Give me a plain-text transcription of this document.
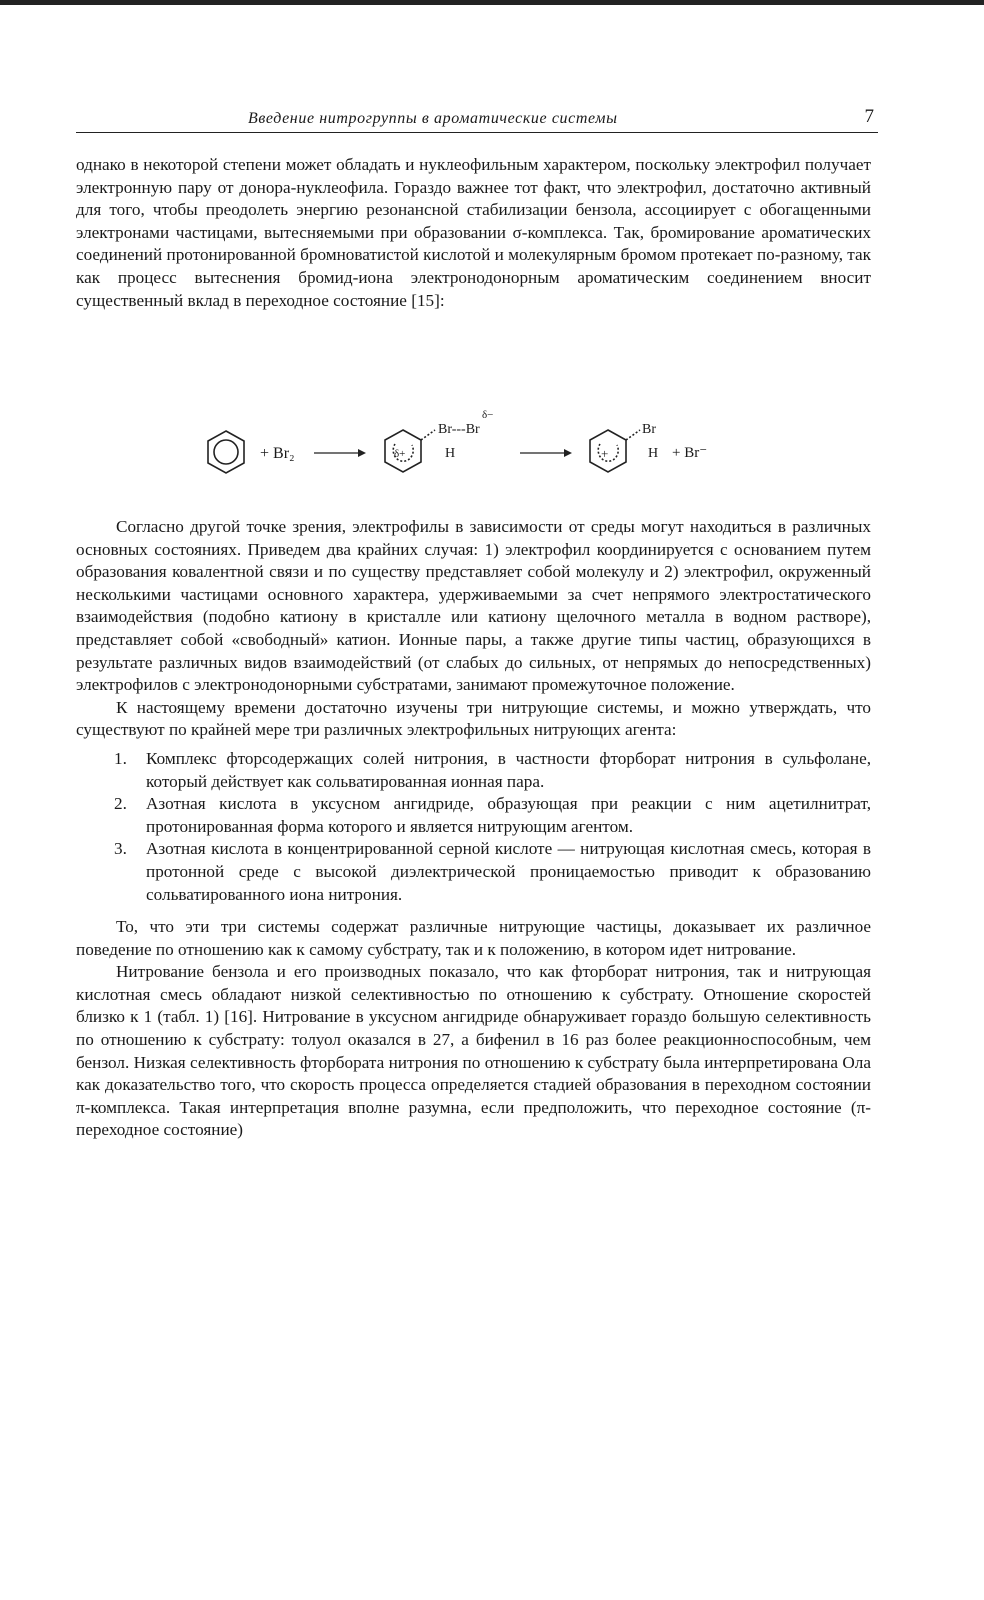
Введение нитрогруппы в ароматические системы	7

однако в некоторой степени может обладать и нуклеофильным характером, поскольку электрофил получает электронную пару от донора-нуклеофила. Гораздо важнее тот факт, что электрофил, достаточно активный для того, чтобы преодолеть энергию резонансной стабилизации бензола, ассоциирует с обогащенными электронами частицами, вытесняемыми при образовании σ-комплекса. Так, бромирование ароматических соединений протонированной бромноватистой кислотой и молекулярным бромом протекает по-разному, так как процесс вытеснения бромид-иона электронодонорным ароматическим соединением вносит существенный вклад в переходное состояние [15]:

+ Br₂	δ+
δ−
Br---Br
H	+
Br
H + Br⁻

Согласно другой точке зрения, электрофилы в зависимости от среды могут находиться в различных основных состояниях. Приведем два крайних случая: 1) электрофил координируется с основанием путем образования ковалентной связи и по существу представляет собой молекулу и 2) электрофил, окруженный несколькими частицами основного характера, удерживаемыми за счет непрямого электростатического взаимодействия (подобно катиону в кристалле или катиону щелочного металла в водном растворе), представляет собой «свободный» катион. Ионные пары, а также другие типы частиц, образующихся в результате различных видов взаимодействий (от слабых до сильных, от непрямых до непосредственных) электрофилов с электронодонорными субстратами, занимают промежуточное положение.

К настоящему времени достаточно изучены три нитрующие системы, и можно утверждать, что существуют по крайней мере три различных электрофильных нитрующих агента:

1. Комплекс фторсодержащих солей нитрония, в частности фторборат нитрония в сульфолане, который действует как сольватированная ионная пара.
2. Азотная кислота в уксусном ангидриде, образующая при реакции с ним ацетилнитрат, протонированная форма которого и является нитрующим агентом.
3. Азотная кислота в концентрированной серной кислоте — нитрующая кислотная смесь, которая в протонной среде с высокой диэлектрической проницаемостью приводит к образованию сольватированного иона нитрония.

То, что эти три системы содержат различные нитрующие частицы, доказывает их различное поведение по отношению как к самому субстрату, так и к положению, в котором идет нитрование.

Нитрование бензола и его производных показало, что как фторборат нитрония, так и нитрующая кислотная смесь обладают низкой селективностью по отношению к субстрату. Отношение скоростей близко к 1 (табл. 1) [16]. Нитрование в уксусном ангидриде обнаруживает гораздо большую селективность по отношению к субстрату: толуол оказался в 27, а бифенил в 16 раз более реакционноспособным, чем бензол. Низкая селективность фторбората нитрония по отношению к субстрату была интерпретирована Ола как доказательство того, что скорость процесса определяется стадией образования в переходном состоянии π-комплекса. Такая интерпретация вполне разумна, если предположить, что переходное состояние (π-переходное состояние)
